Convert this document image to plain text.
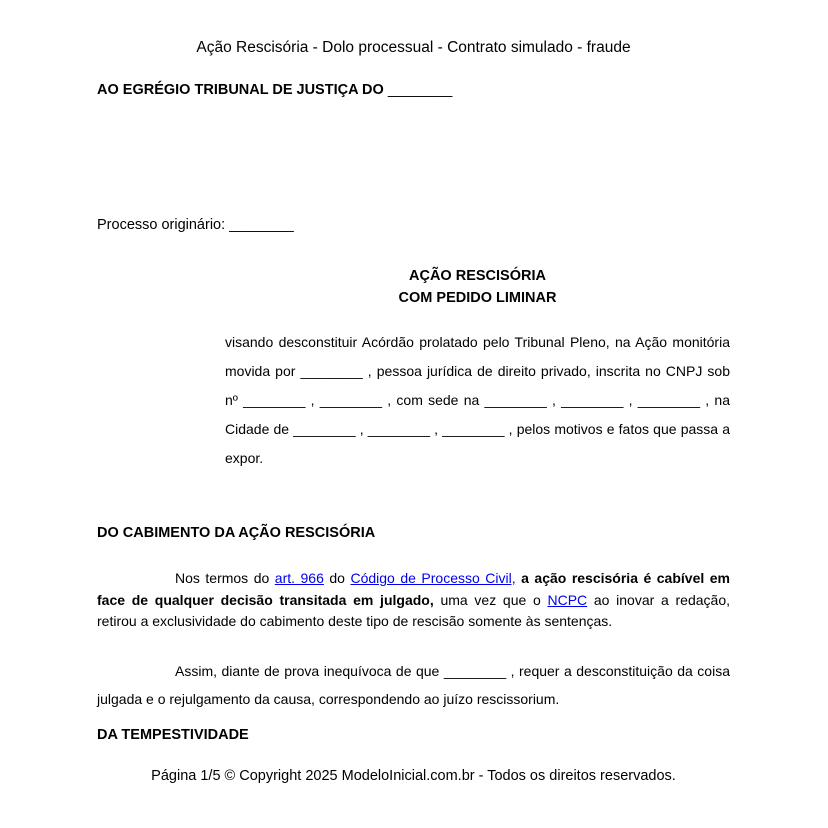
Ação Rescisória - Dolo processual - Contrato simulado - fraude
AO EGRÉGIO TRIBUNAL DE JUSTIÇA DO ________
Processo originário: ________
AÇÃO RESCISÓRIA
COM PEDIDO LIMINAR

visando desconstituir Acórdão prolatado pelo Tribunal Pleno, na Ação monitória movida por ________ , pessoa jurídica de direito privado, inscrita no CNPJ sob nº ________ , ________ , com sede na ________ , ________ , ________ , na Cidade de ________ , ________ , ________ , pelos motivos e fatos que passa a expor.

DO CABIMENTO DA AÇÃO RESCISÓRIA

Nos termos do art. 966 do Código de Processo Civil, a ação rescisória é cabível em face de qualquer decisão transitada em julgado, uma vez que o NCPC ao inovar a redação, retirou a exclusividade do cabimento deste tipo de rescisão somente às sentenças.

Assim, diante de prova inequívoca de que ________ , requer a desconstituição da coisa julgada e o rejulgamento da causa, correspondendo ao juízo rescissorium.

DA TEMPESTIVIDADE
Página 1/5 © Copyright 2025 ModeloInicial.com.br - Todos os direitos reservados.
